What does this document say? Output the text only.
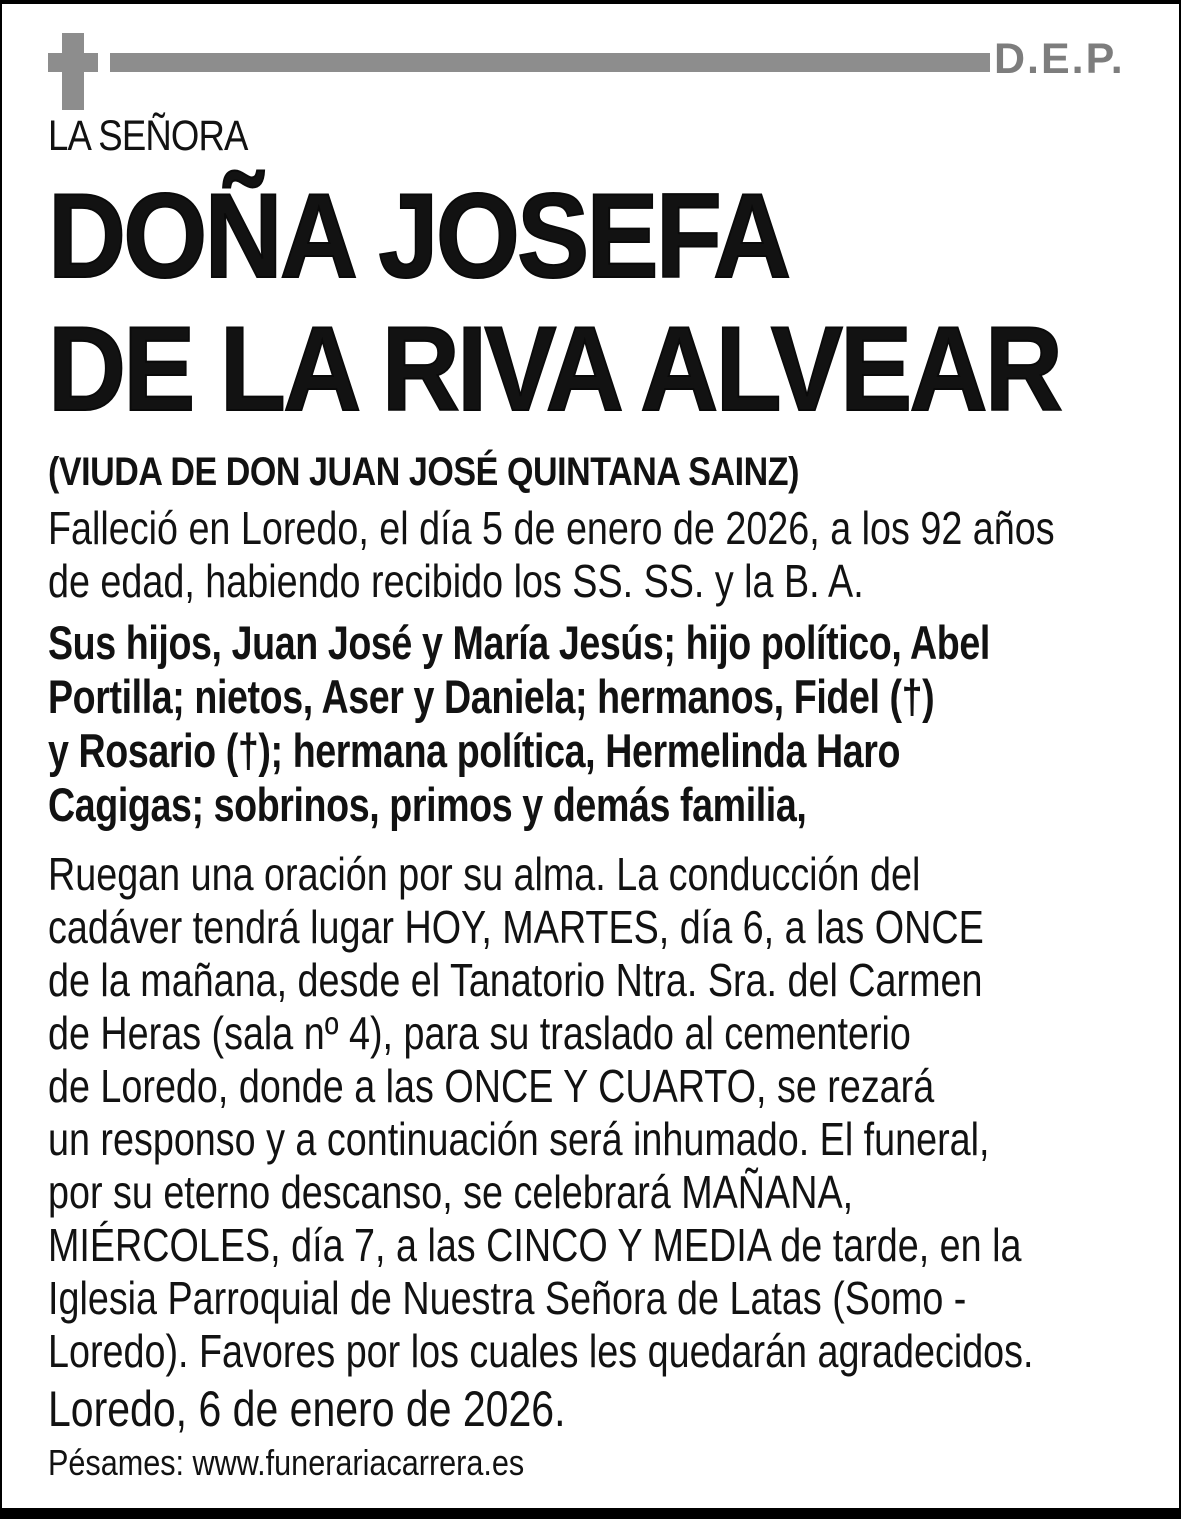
D.E.P.
LA SEÑORA
DOÑA JOSEFA
DE LA RIVA ALVEAR
(VIUDA DE DON JUAN JOSÉ QUINTANA SAINZ)
Falleció en Loredo, el día 5 de enero de 2026, a los 92 años
de edad, habiendo recibido los SS. SS. y la B. A.
Sus hijos, Juan José y María Jesús; hijo político, Abel
Portilla; nietos, Aser y Daniela; hermanos, Fidel (†)
y Rosario (†); hermana política, Hermelinda Haro
Cagigas; sobrinos, primos y demás familia,
Ruegan una oración por su alma. La conducción del
cadáver tendrá lugar HOY, MARTES, día 6, a las ONCE
de la mañana, desde el Tanatorio Ntra. Sra. del Carmen
de Heras (sala nº 4), para su traslado al cementerio
de Loredo, donde a las ONCE Y CUARTO, se rezará
un responso y a continuación será inhumado. El funeral,
por su eterno descanso, se celebrará MAÑANA,
MIÉRCOLES, día 7, a las CINCO Y MEDIA de tarde, en la
Iglesia Parroquial de Nuestra Señora de Latas (Somo -
Loredo). Favores por los cuales les quedarán agradecidos.
Loredo, 6 de enero de 2026.
Pésames: www.funerariacarrera.es
